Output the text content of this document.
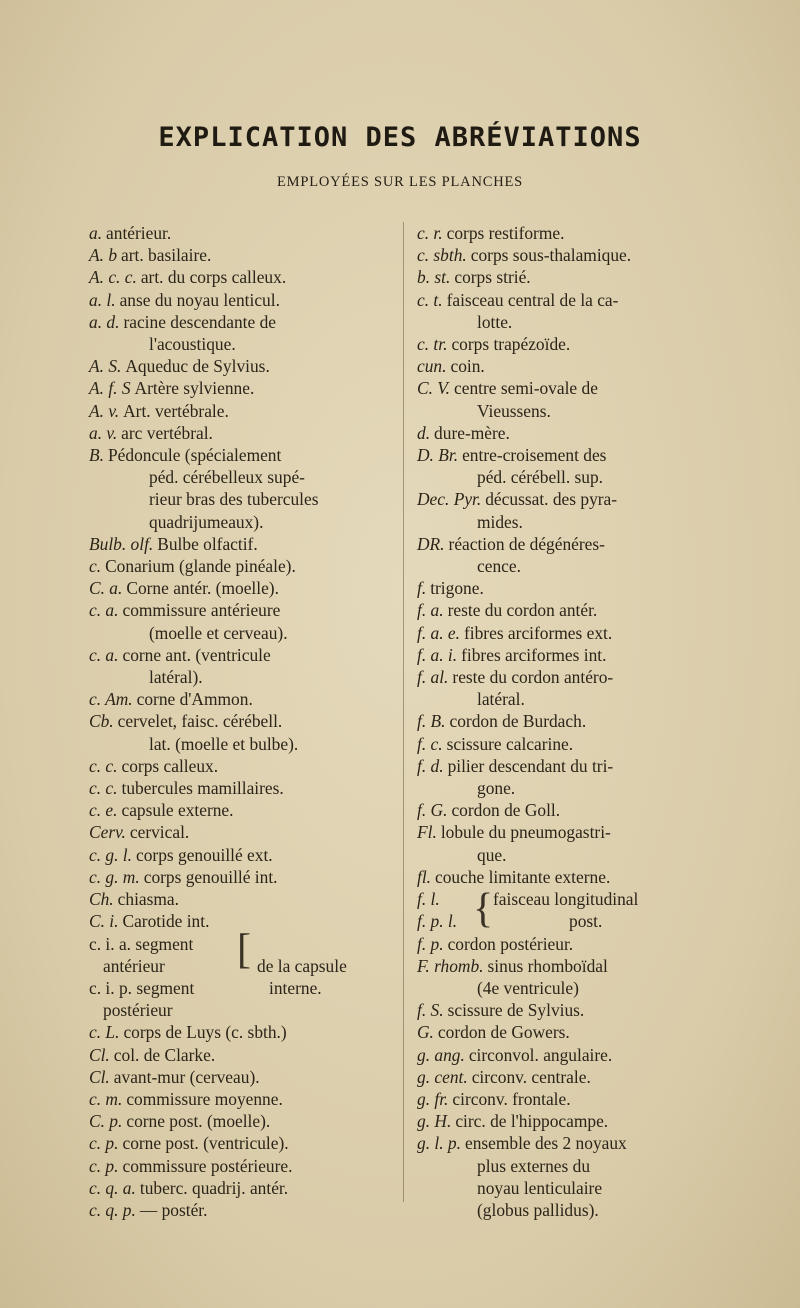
EXPLICATION DES ABRÉVIATIONS
EMPLOYÉES SUR LES PLANCHES
a. antérieur.
A. b art. basilaire.
A. c. c. art. du corps calleux.
a. l. anse du noyau lenticul.
a. d. racine descendante de
l'acoustique.
A. S. Aqueduc de Sylvius.
A. f. S Artère sylvienne.
A. v. Art. vertébrale.
a. v. arc vertébral.
B. Pédoncule (spécialement
péd. cérébelleux supé-
rieur bras des tubercules
quadrijumeaux).
Bulb. olf. Bulbe olfactif.
c. Conarium (glande pinéale).
C. a. Corne antér. (moelle).
c. a. commissure antérieure
(moelle et cerveau).
c. a. corne ant. (ventricule
latéral).
c. Am. corne d'Ammon.
Cb. cervelet, faisc. cérébell.
lat. (moelle et bulbe).
c. c. corps calleux.
c. c. tubercules mamillaires.
c. e. capsule externe.
Cerv. cervical.
c. g. l. corps genouillé ext.
c. g. m. corps genouillé int.
Ch. chiasma.
C. i. Carotide int.
c. i. a. segment
antérieur
c. i. p. segment
postérieur
[ de la capsule
interne.
c. L. corps de Luys (c. sbth.)
Cl. col. de Clarke.
Cl. avant-mur (cerveau).
c. m. commissure moyenne.
C. p. corne post. (moelle).
c. p. corne post. (ventricule).
c. p. commissure postérieure.
c. q. a. tuberc. quadrij. antér.
c. q. p. — postér.
c. r. corps restiforme.
c. sbth. corps sous-thalamique.
b. st. corps strié.
c. t. faisceau central de la ca-
lotte.
c. tr. corps trapézoïde.
cun. coin.
C. V. centre semi-ovale de
Vieussens.
d. dure-mère.
D. Br. entre-croisement des
péd. cérébell. sup.
Dec. Pyr. décussat. des pyra-
mides.
DR. réaction de dégénéres-
cence.
f. trigone.
f. a. reste du cordon antér.
f. a. e. fibres arciformes ext.
f. a. i. fibres arciformes int.
f. al. reste du cordon antéro-
latéral.
f. B. cordon de Burdach.
f. c. scissure calcarine.
f. d. pilier descendant du tri-
gone.
f. G. cordon de Goll.
Fl. lobule du pneumogastri-
que.
fl. couche limitante externe.
f. l.
f. p. l. { faisceau longitudinal
post.
f. p. cordon postérieur.
F. rhomb. sinus rhomboïdal
(4e ventricule)
f. S. scissure de Sylvius.
G. cordon de Gowers.
g. ang. circonvol. angulaire.
g. cent. circonv. centrale.
g. fr. circonv. frontale.
g. H. circ. de l'hippocampe.
g. l. p. ensemble des 2 noyaux
plus externes du
noyau lenticulaire
(globus pallidus).
